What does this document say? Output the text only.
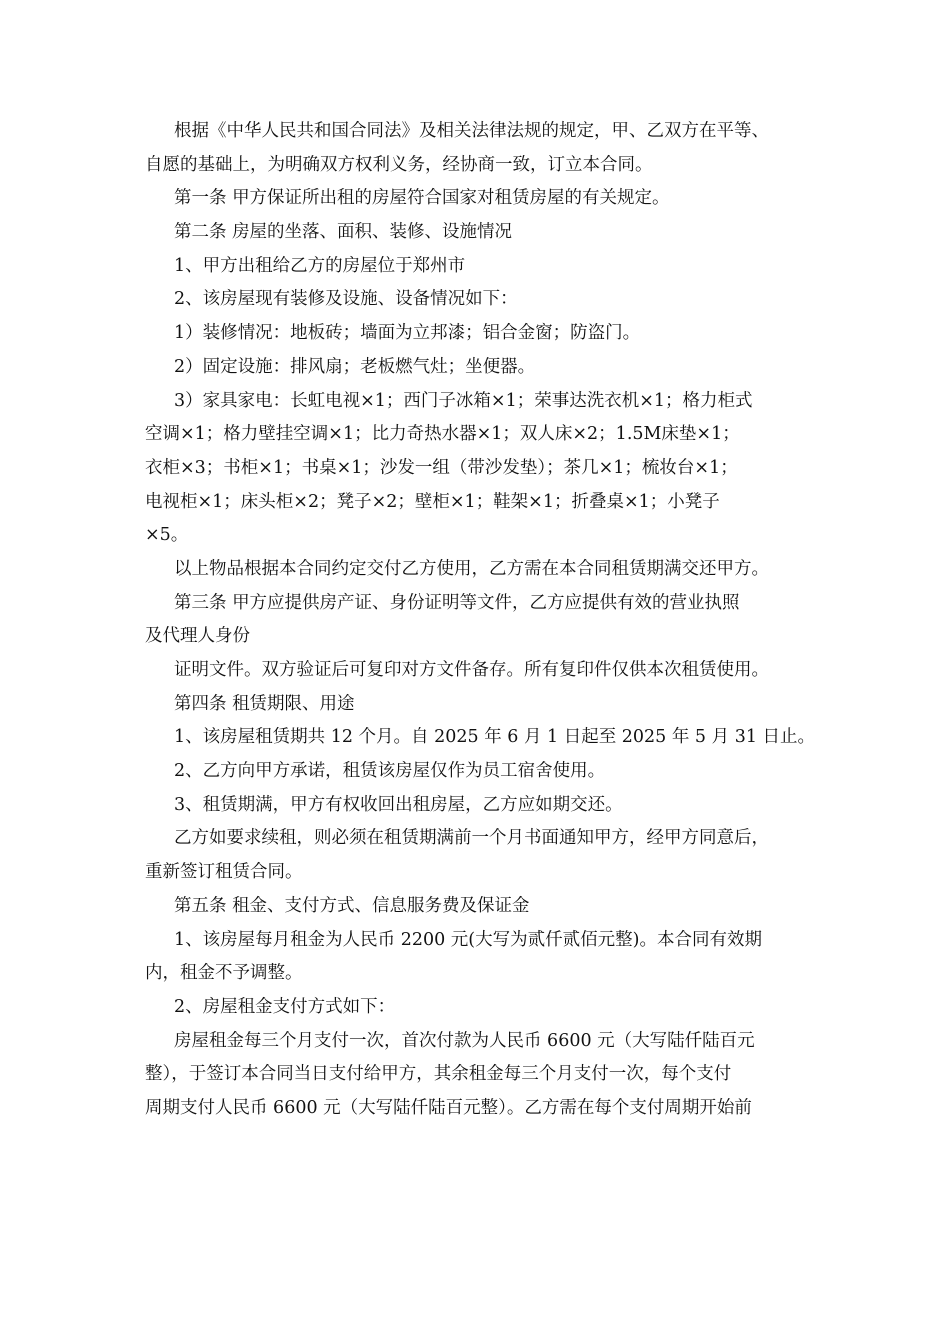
根据《中华人民共和国合同法》及相关法律法规的规定，甲、乙双方在平等、
自愿的基础上，为明确双方权利义务，经协商一致，订立本合同。
第一条 甲方保证所出租的房屋符合国家对租赁房屋的有关规定。
第二条 房屋的坐落、面积、装修、设施情况
1、甲方出租给乙方的房屋位于郑州市
2、该房屋现有装修及设施、设备情况如下：
1）装修情况：地板砖；墙面为立邦漆；铝合金窗；防盗门。
2）固定设施：排风扇；老板燃气灶；坐便器。
3）家具家电：长虹电视×1；西门子冰箱×1；荣事达洗衣机×1；格力柜式
空调×1；格力壁挂空调×1；比力奇热水器×1；双人床×2；1.5M床垫×1；
衣柜×3；书柜×1；书桌×1；沙发一组（带沙发垫）；茶几×1；梳妆台×1；
电视柜×1；床头柜×2；凳子×2；壁柜×1；鞋架×1；折叠桌×1；小凳子
×5。
以上物品根据本合同约定交付乙方使用，乙方需在本合同租赁期满交还甲方。
第三条 甲方应提供房产证、身份证明等文件，乙方应提供有效的营业执照
及代理人身份
证明文件。双方验证后可复印对方文件备存。所有复印件仅供本次租赁使用。
第四条 租赁期限、用途
1、该房屋租赁期共 12 个月。自 2025 年 6 月 1 日起至 2025 年 5 月 31 日止。
2、乙方向甲方承诺，租赁该房屋仅作为员工宿舍使用。
3、租赁期满，甲方有权收回出租房屋，乙方应如期交还。
乙方如要求续租，则必须在租赁期满前一个月书面通知甲方，经甲方同意后，
重新签订租赁合同。
第五条 租金、支付方式、信息服务费及保证金
1、该房屋每月租金为人民币 2200 元(大写为贰仟贰佰元整)。本合同有效期
内，租金不予调整。
2、房屋租金支付方式如下：
房屋租金每三个月支付一次，首次付款为人民币 6600 元（大写陆仟陆百元
整），于签订本合同当日支付给甲方，其余租金每三个月支付一次，每个支付
周期支付人民币 6600 元（大写陆仟陆百元整）。乙方需在每个支付周期开始前
